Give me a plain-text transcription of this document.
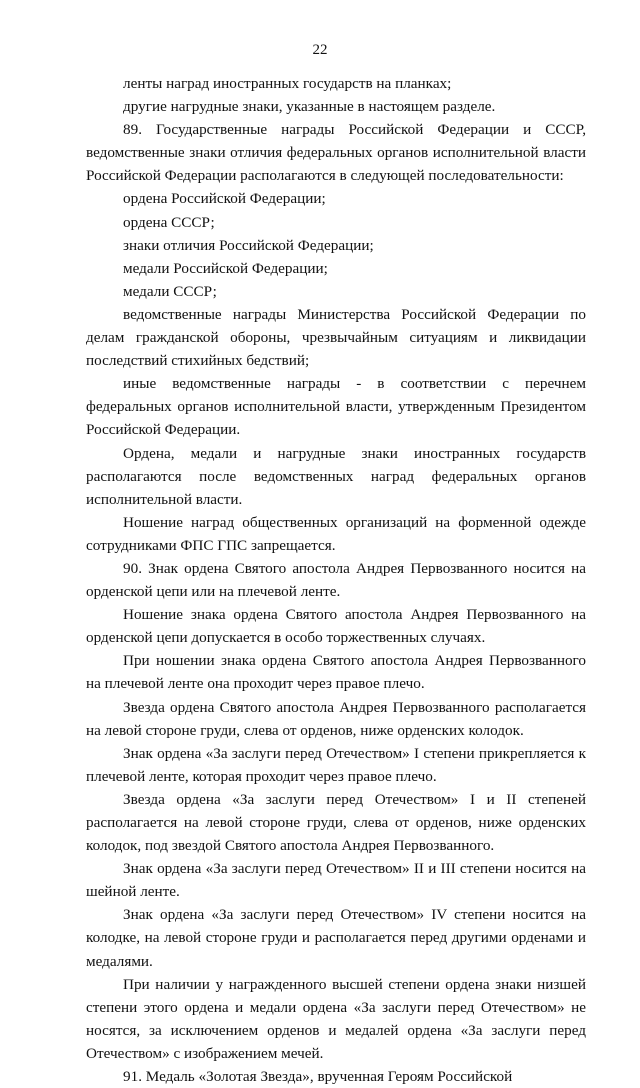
22

ленты наград иностранных государств на планках;

другие нагрудные знаки, указанные в настоящем разделе.

89. Государственные награды Российской Федерации и СССР, ведомственные знаки отличия федеральных органов исполнительной власти Российской Федерации располагаются в следующей последовательности:

ордена Российской Федерации;

ордена СССР;

знаки отличия Российской Федерации;

медали Российской Федерации;

медали СССР;

ведомственные награды Министерства Российской Федерации по делам гражданской обороны, чрезвычайным ситуациям и ликвидации последствий стихийных бедствий;

иные ведомственные награды - в соответствии с перечнем федеральных органов исполнительной власти, утвержденным Президентом Российской Федерации.

Ордена, медали и нагрудные знаки иностранных государств располагаются после ведомственных наград федеральных органов исполнительной власти.

Ношение наград общественных организаций на форменной одежде сотрудниками ФПС ГПС запрещается.

90. Знак ордена Святого апостола Андрея Первозванного носится на орденской цепи или на плечевой ленте.

Ношение знака ордена Святого апостола Андрея Первозванного на орденской цепи допускается в особо торжественных случаях.

При ношении знака ордена Святого апостола Андрея Первозванного на плечевой ленте она проходит через правое плечо.

Звезда ордена Святого апостола Андрея Первозванного располагается на левой стороне груди, слева от орденов, ниже орденских колодок.

Знак ордена «За заслуги перед Отечеством» I степени прикрепляется к плечевой ленте, которая проходит через правое плечо.

Звезда ордена «За заслуги перед Отечеством» I и II степеней располагается на левой стороне груди, слева от орденов, ниже орденских колодок, под звездой Святого апостола Андрея Первозванного.

Знак ордена «За заслуги перед Отечеством» II и III степени носится на шейной ленте.

Знак ордена «За заслуги перед Отечеством» IV степени носится на колодке, на левой стороне груди и располагается перед другими орденами и медалями.

При наличии у награжденного высшей степени ордена знаки низшей степени этого ордена и медали ордена «За заслуги перед Отечеством» не носятся, за исключением орденов и медалей ордена «За заслуги перед Отечеством» с изображением мечей.

91. Медаль «Золотая Звезда», врученная Героям Российской
